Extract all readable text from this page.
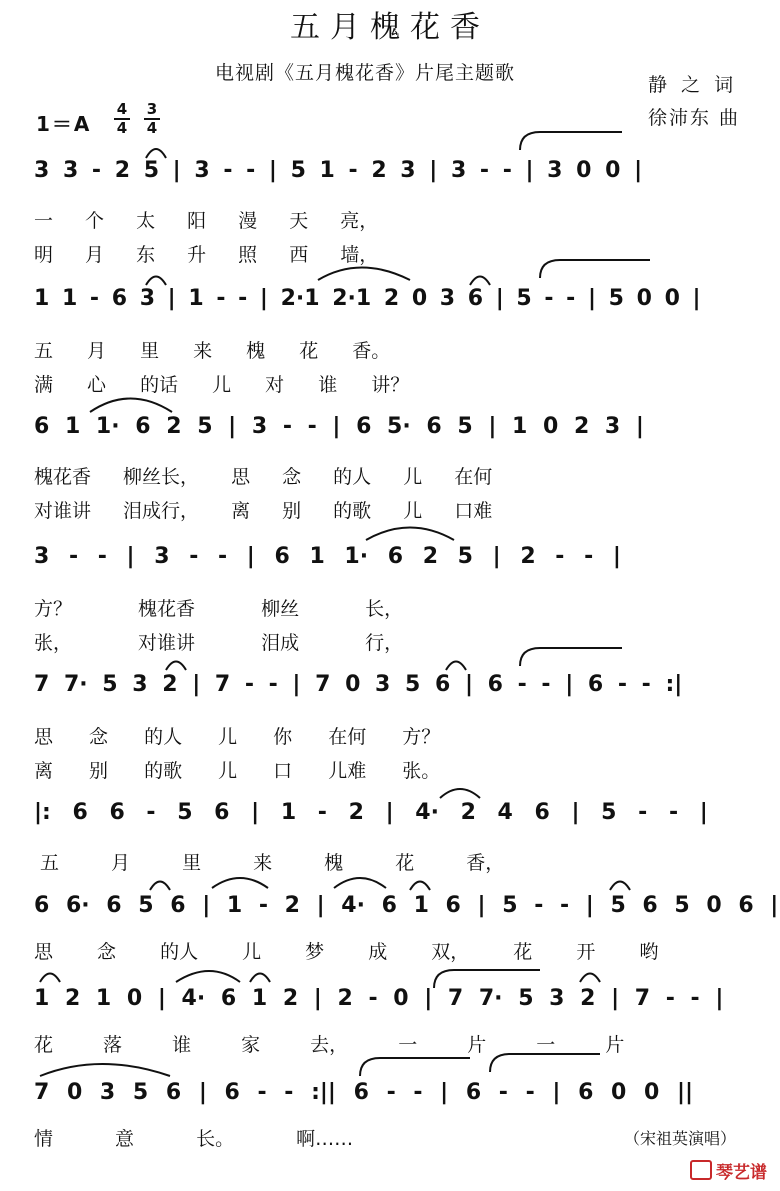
五月槐花香
电视剧《五月槐花香》片尾主题歌
静 之 词
徐沛东 曲
1＝A
4
4
3
4
3 3 - 2 5 | 3 - - | 5 1 - 2 3 | 3 - - | 3 0 0 |
一 个 太 阳 漫 天 亮，
明 月 东 升 照 西 墙，
1 1 - 6 3 | 1 - - | 2·1 2·1 2 0 3 6 | 5 - - | 5 0 0 |
五 月 里 来 槐 花 香。
满 心 的话 儿 对 谁 讲？
6 1 1· 6 2 5 | 3 - - | 6 5· 6 5 | 1 0 2 3 |
槐花香 柳丝长， 思 念 的人 儿 在何
对谁讲 泪成行， 离 别 的歌 儿 口难
3 - - | 3 - - | 6 1 1· 6 2 5 | 2 - - |
方？ 槐花香 柳丝 长，
张， 对谁讲 泪成 行，
7 7· 5 3 2 | 7 - - | 7 0 3 5 6 | 6 - - | 6 - - :|
思 念 的人 儿 你 在何 方？
离 别 的歌 儿 口 儿难 张。
|: 6 6 - 5 6 | 1 - 2 | 4· 2 4 6 | 5 - - |
五 月 里 来 槐 花 香，
6 6· 6 5 6 | 1 - 2 | 4· 6 1 6 | 5 - - | 5 6 5 0 6 |
思 念 的人 儿 梦 成 双， 花 开 哟
1 2 1 0 | 4· 6 1 2 | 2 - 0 | 7 7· 5 3 2 | 7 - - |
花 落 谁 家 去， 一 片 一 片
7 0 3 5 6 | 6 - - :|| 6 - - | 6 - - | 6 0 0 ||
情 意 长。 啊……	（宋祖英演唱）
琴艺谱
